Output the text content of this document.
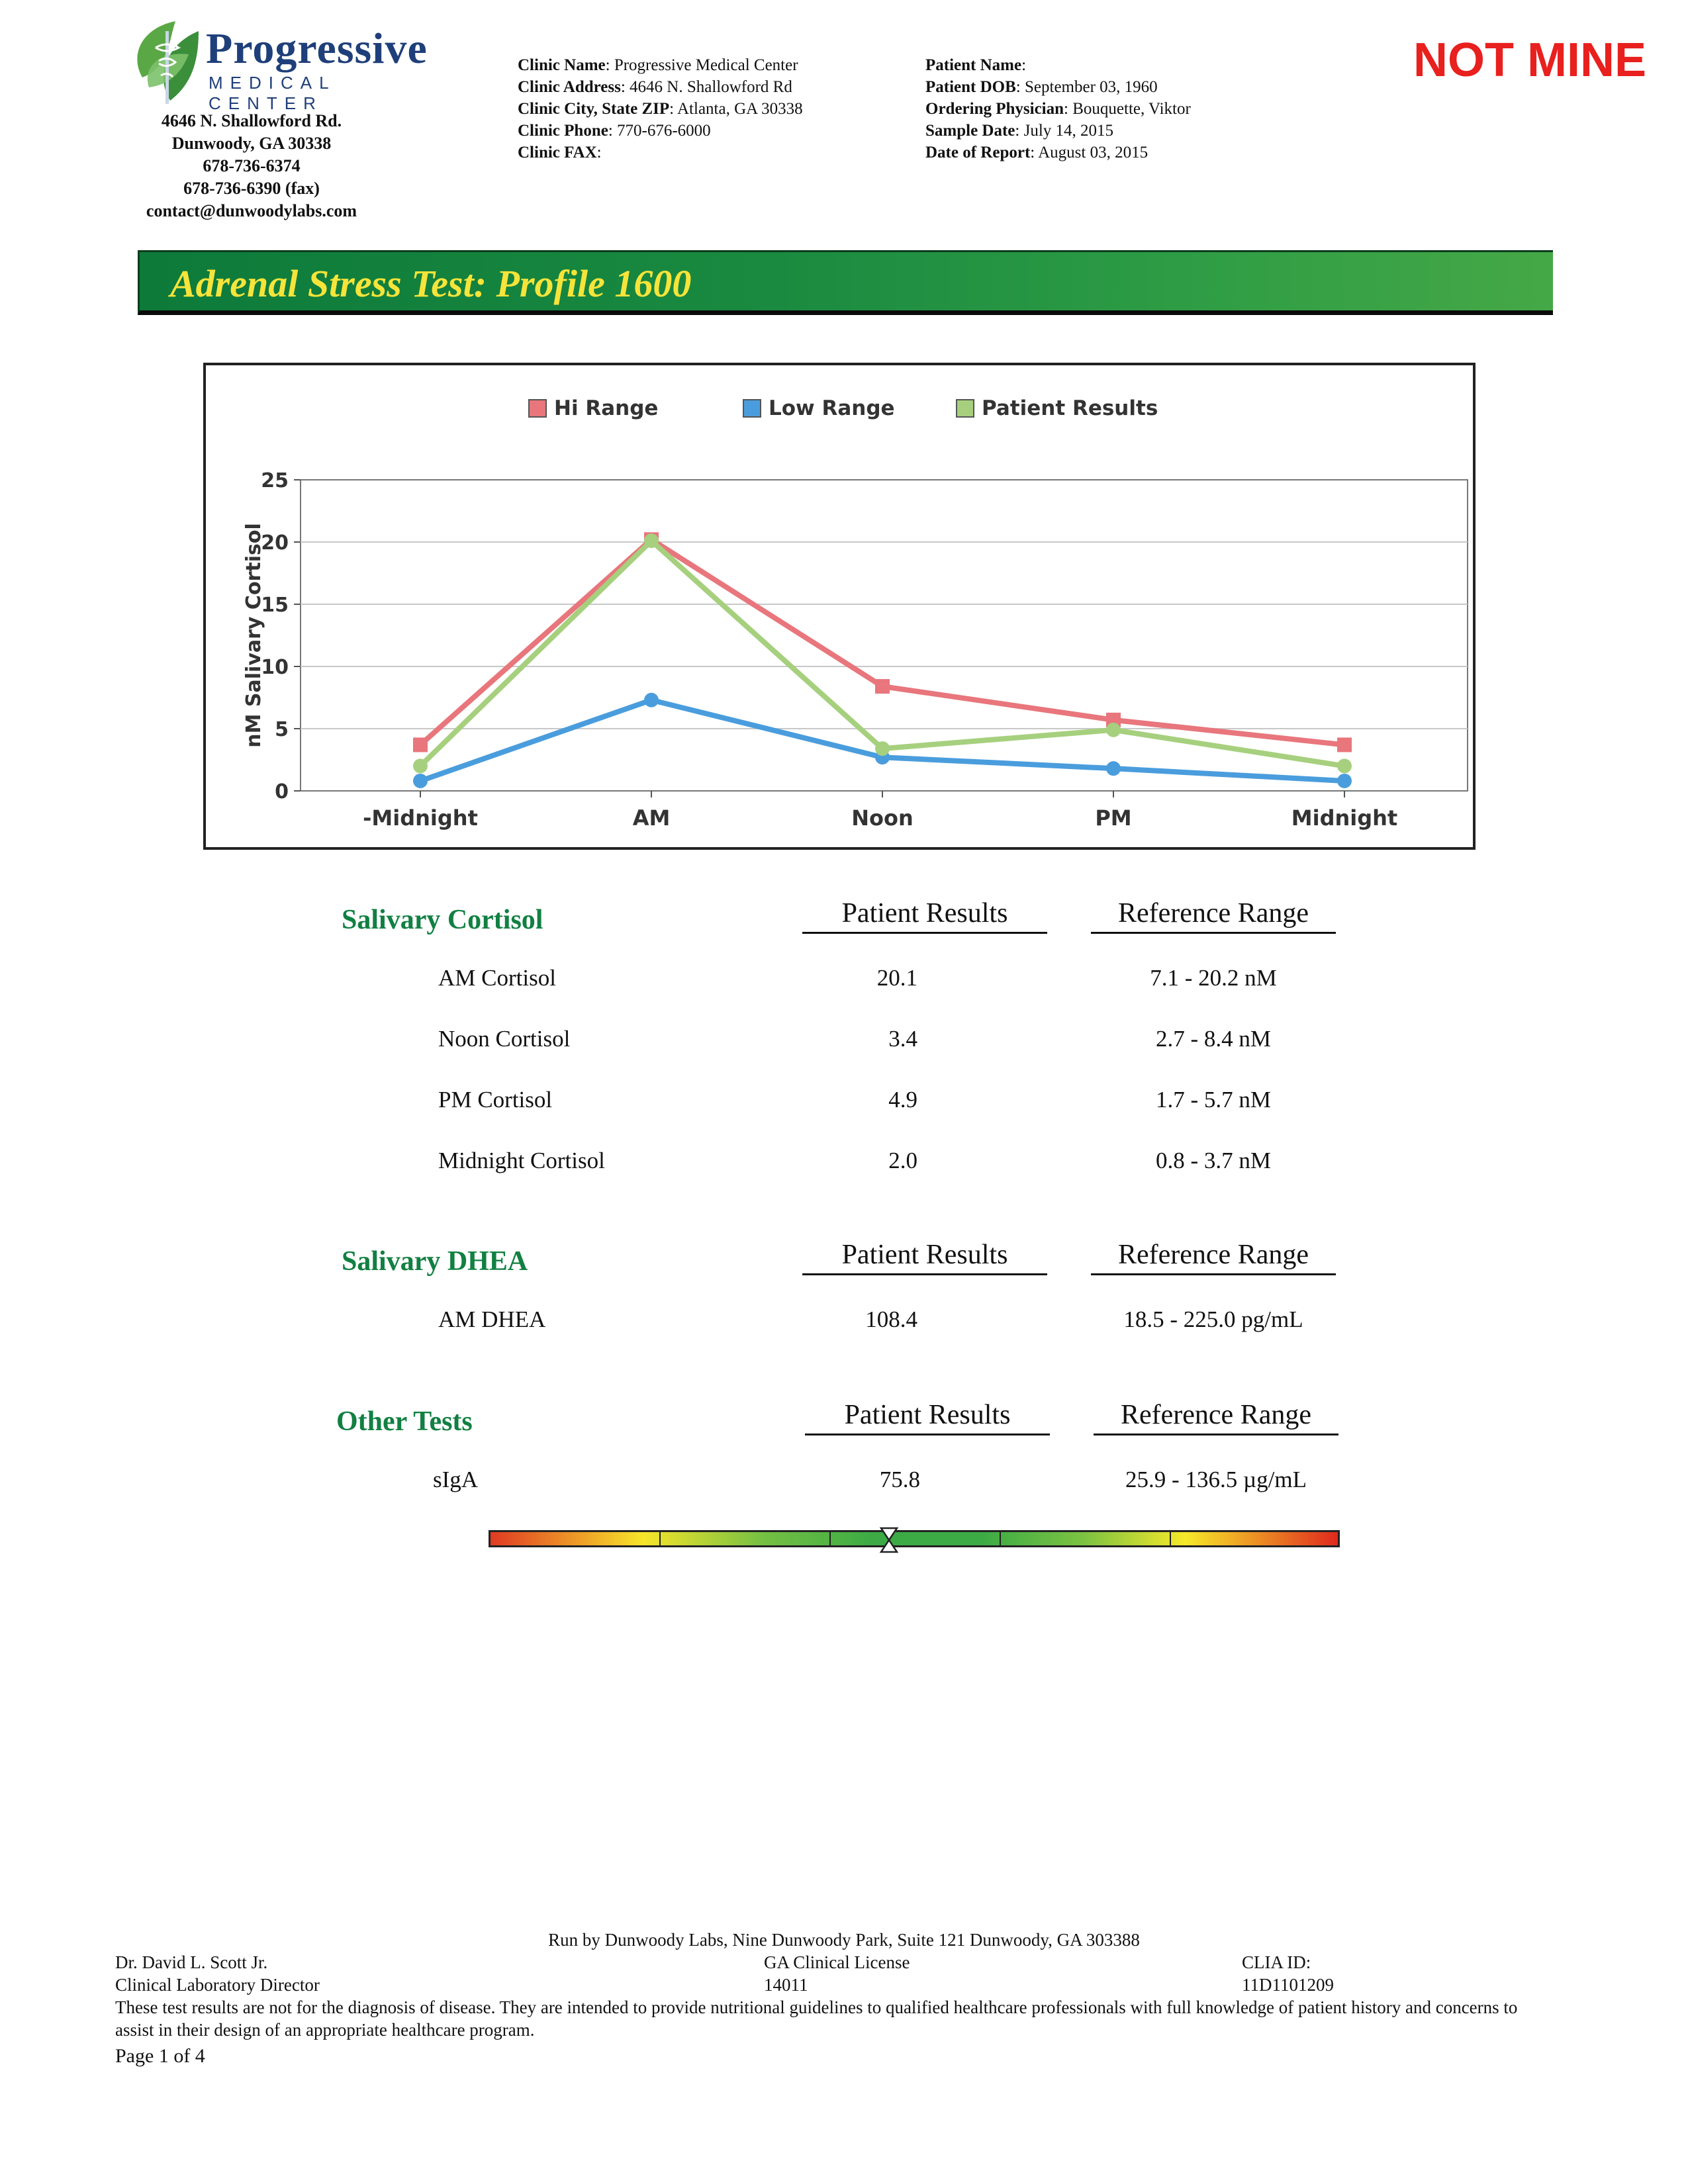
Progressive
MEDICAL CENTER
4646 N. Shallowford Rd.
Dunwoody, GA 30338
678-736-6374
678-736-6390 (fax)
contact@dunwoodylabs.com
Clinic Name: Progressive Medical Center
Clinic Address: 4646 N. Shallowford Rd
Clinic City, State ZIP: Atlanta, GA 30338
Clinic Phone: 770-676-6000
Clinic FAX:
Patient Name:
Patient DOB: September 03, 1960
Ordering Physician: Bouquette, Viktor
Sample Date: July 14, 2015
Date of Report: August 03, 2015
NOT MINE
Adrenal Stress Test: Profile 1600
0
5
10
15
20
25
-Midnight	AM	Noon	PM	Midnight
nM Salivary Cortisol
Hi Range	Low Range	Patient Results
Salivary Cortisol	Patient Results	Reference Range
AM Cortisol	20.1	7.1 - 20.2 nM
Noon Cortisol	3.4	2.7 - 8.4 nM
PM Cortisol	4.9	1.7 - 5.7 nM
Midnight Cortisol	2.0	0.8 - 3.7 nM
Salivary DHEA	Patient Results	Reference Range
AM DHEA	108.4	18.5 - 225.0 pg/mL
Other Tests	Patient Results	Reference Range
sIgA	75.8	25.9 - 136.5 µg/mL
Run by Dunwoody Labs, Nine Dunwoody Park, Suite 121 Dunwoody, GA 303388
Dr. David L. Scott Jr.
Clinical Laboratory Director
GA Clinical License
14011
CLIA ID:
11D1101209
These test results are not for the diagnosis of disease. They are intended to provide nutritional guidelines to qualified healthcare professionals with full knowledge of patient history and concerns to assist in their design of an appropriate healthcare program.
Page 1 of 4
